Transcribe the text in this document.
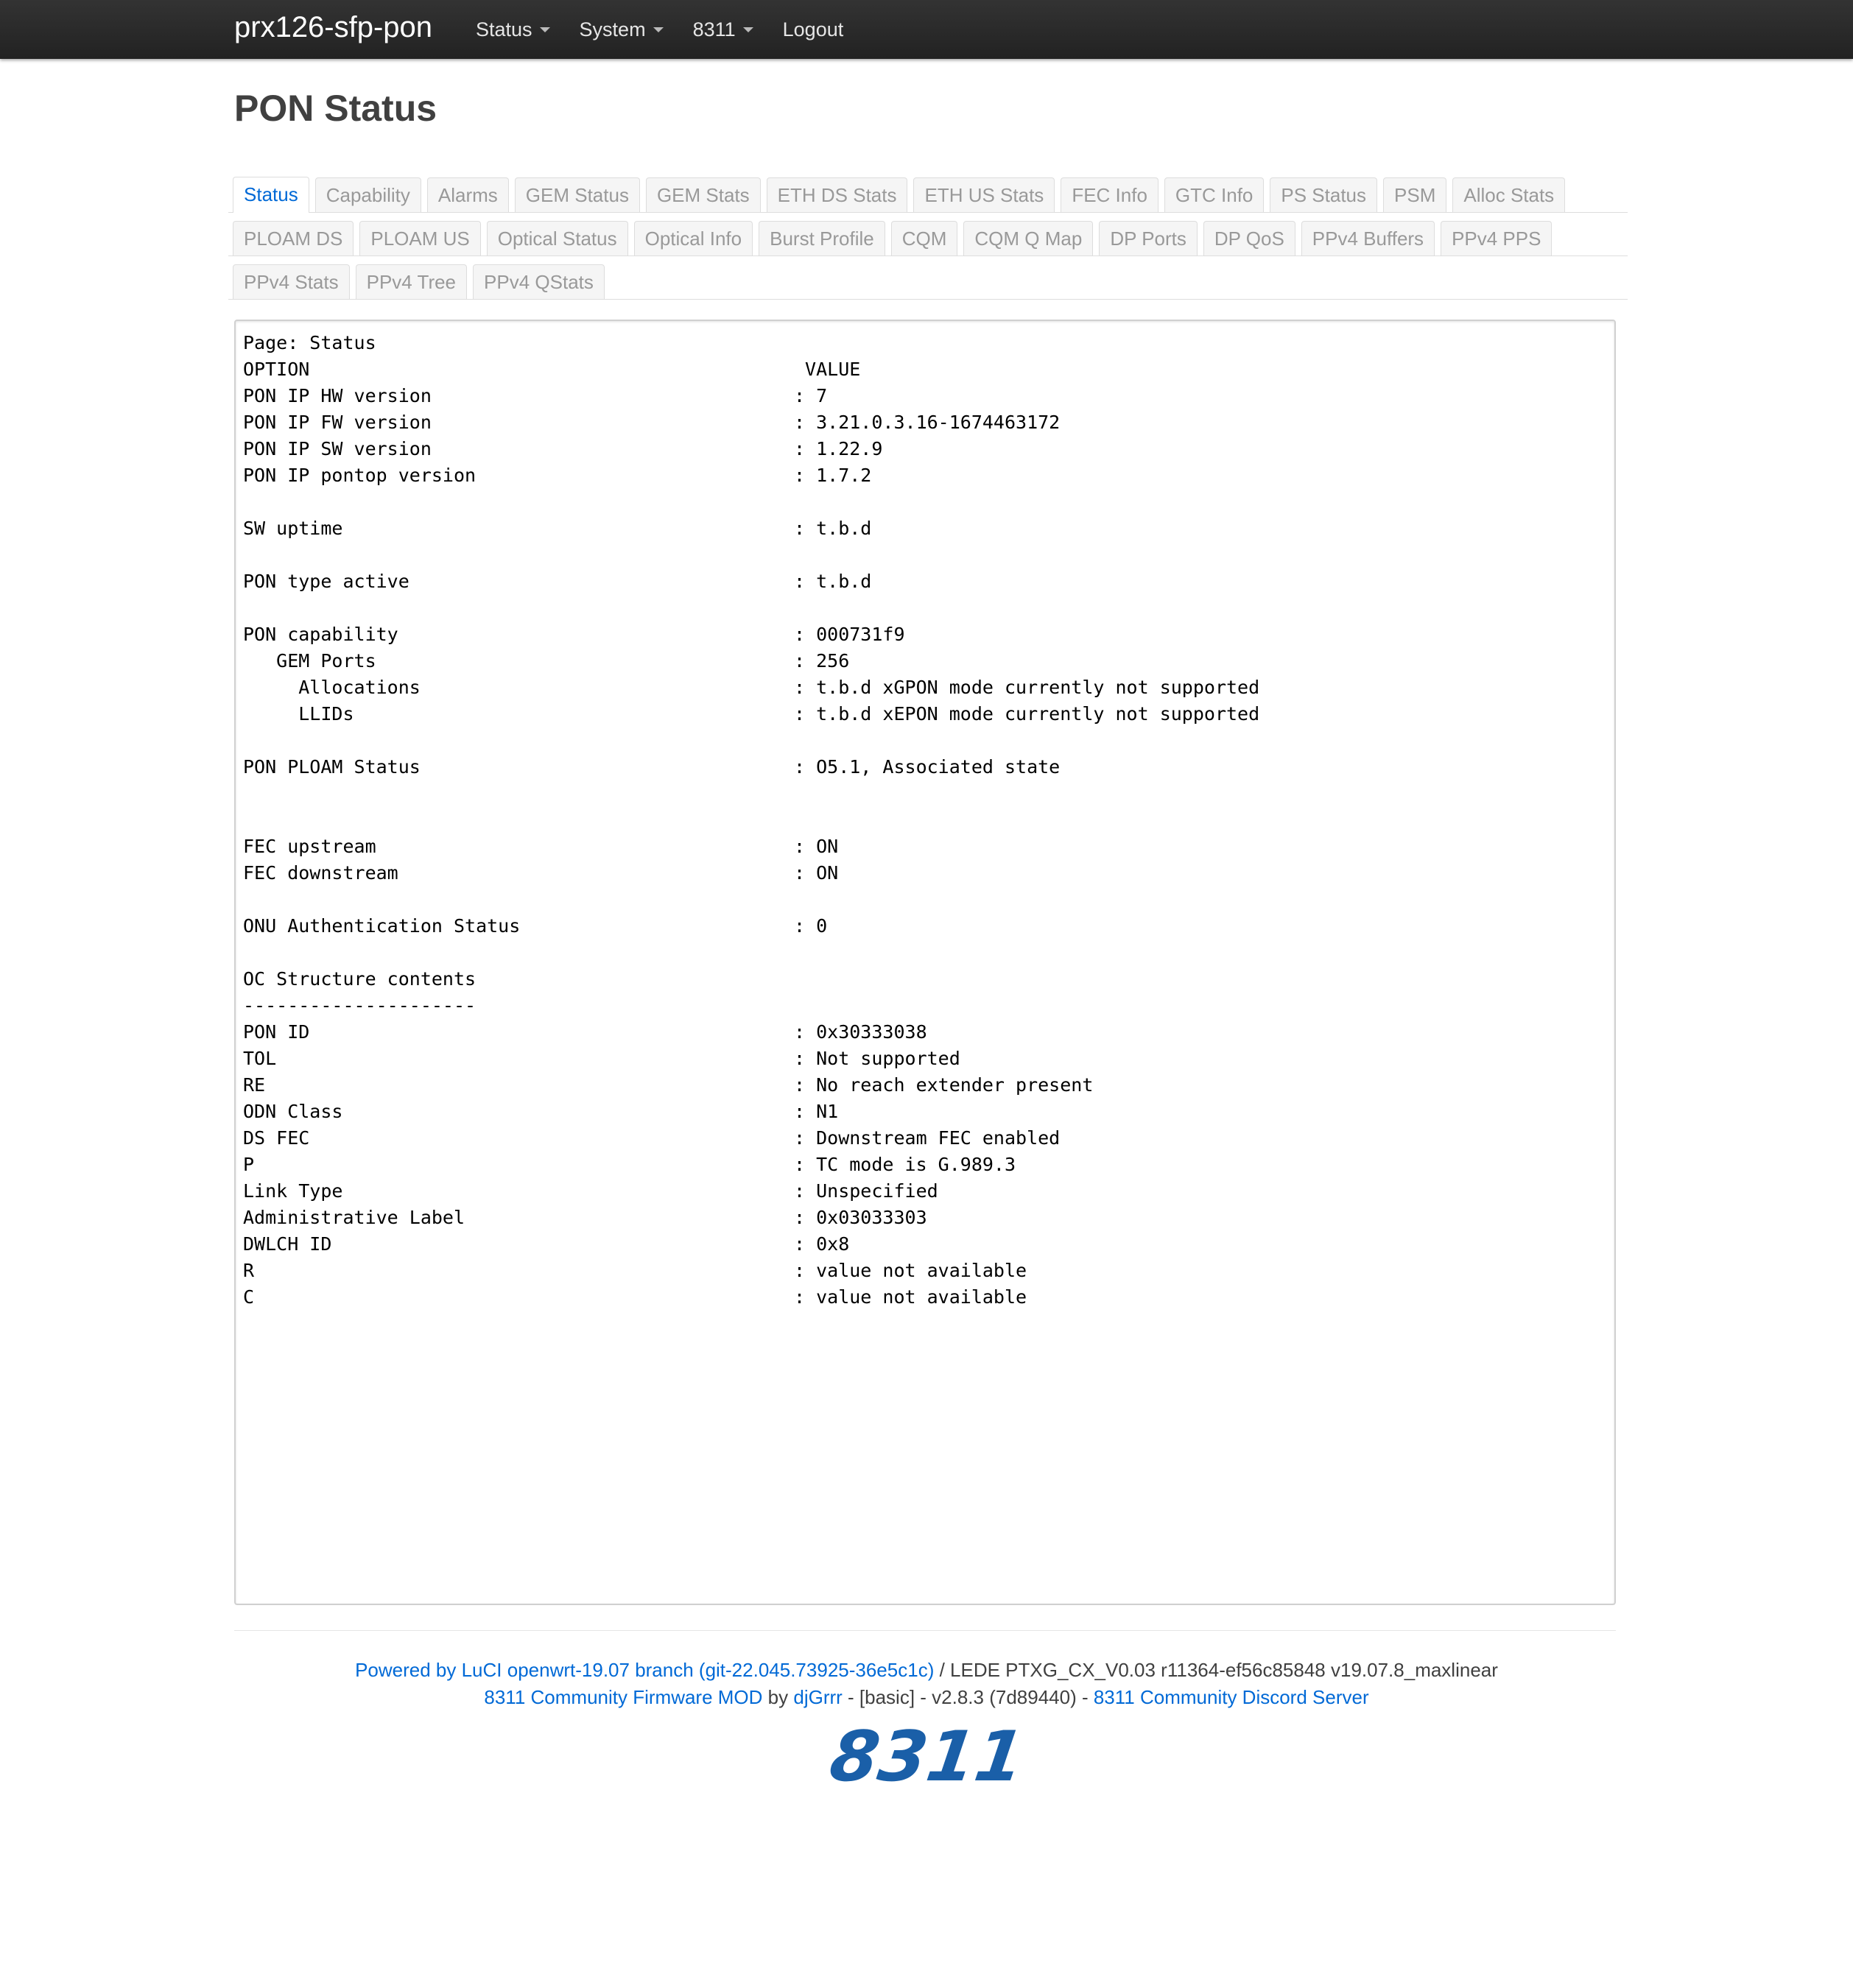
prx126-sfp-pon Status System 8311 Logout
PON Status
Status	Capability	Alarms	GEM Status	GEM Stats	ETH DS Stats	ETH US Stats	FEC Info	GTC Info	PS Status	PSM	Alloc Stats
PLOAM DS	PLOAM US	Optical Status	Optical Info	Burst Profile	CQM	CQM Q Map	DP Ports	DP QoS	PPv4 Buffers	PPv4 PPS
PPv4 Stats	PPv4 Tree	PPv4 QStats
Page: Status
OPTION	VALUE
PON IP HW version	: 7
PON IP FW version	: 3.21.0.3.16-1674463172
PON IP SW version	: 1.22.9
PON IP pontop version	: 1.7.2
SW uptime	: t.b.d
PON type active	: t.b.d
PON capability	: 000731f9
GEM Ports	: 256
Allocations	: t.b.d xGPON mode currently not supported
LLIDs	: t.b.d xEPON mode currently not supported
PON PLOAM Status	: O5.1, Associated state
FEC upstream	: ON
FEC downstream	: ON
ONU Authentication Status	: 0
OC Structure contents
---------------------
PON ID	: 0x30333038
TOL	: Not supported
RE	: No reach extender present
ODN Class	: N1
DS FEC	: Downstream FEC enabled
P	: TC mode is G.989.3
Link Type	: Unspecified
Administrative Label	: 0x03033303
DWLCH ID	: 0x8
R	: value not available
C	: value not available
Powered by LuCI openwrt-19.07 branch (git-22.045.73925-36e5c1c) / LEDE PTXG_CX_V0.03 r11364-ef56c85848 v19.07.8_maxlinear
8311 Community Firmware MOD by djGrrr - [basic] - v2.8.3 (7d89440) - 8311 Community Discord Server
8311
